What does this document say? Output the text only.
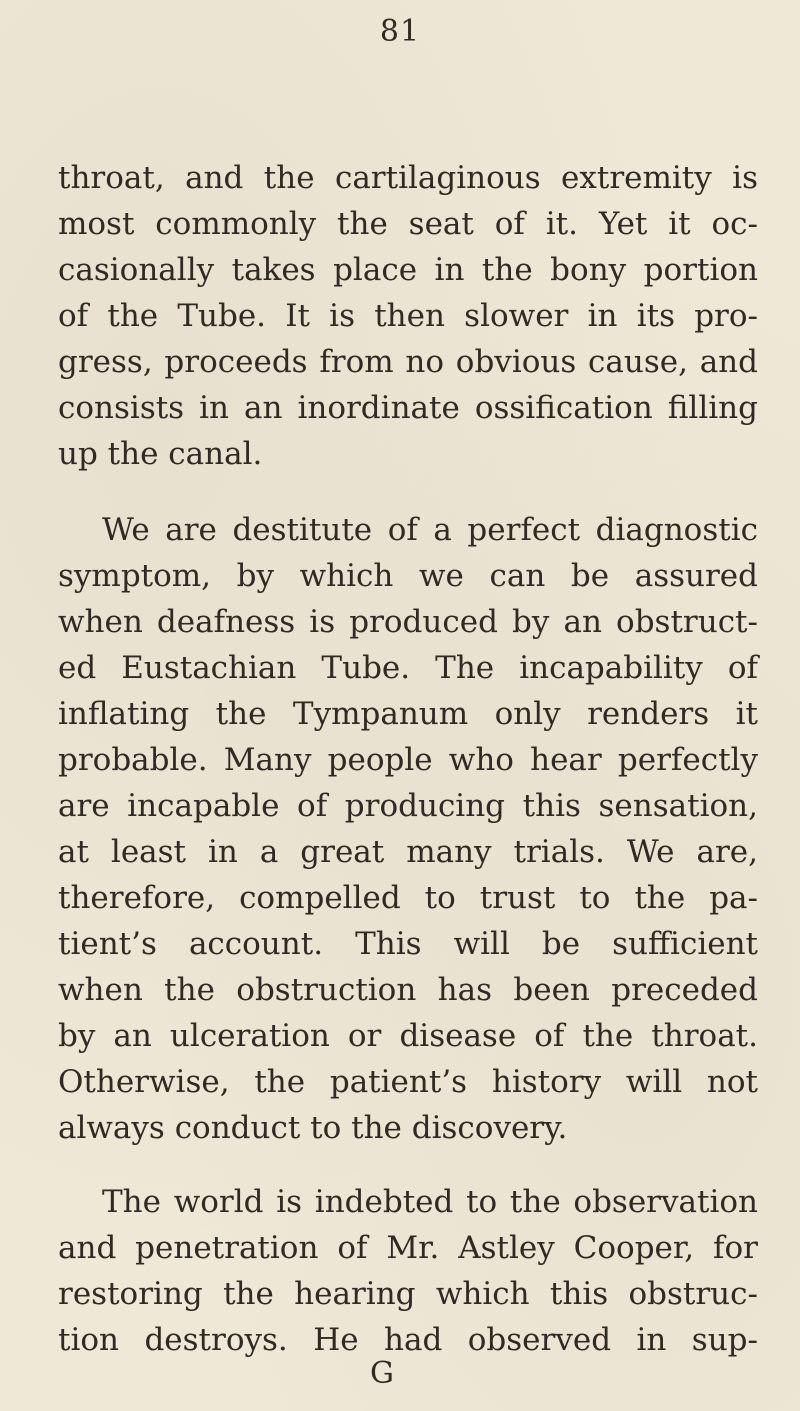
81
throat, and the cartilaginous extremity is
most commonly the seat of it. Yet it oc-
casionally takes place in the bony portion
of the Tube. It is then slower in its pro-
gress, proceeds from no obvious cause, and
consists in an inordinate ossification filling
up the canal.
We are destitute of a perfect diagnostic
symptom, by which we can be assured
when deafness is produced by an obstruct-
ed Eustachian Tube. The incapability of
inflating the Tympanum only renders it
probable. Many people who hear perfectly
are incapable of producing this sensation,
at least in a great many trials. We are,
therefore, compelled to trust to the pa-
tient’s account. This will be sufficient
when the obstruction has been preceded
by an ulceration or disease of the throat.
Otherwise, the patient’s history will not
always conduct to the discovery.
The world is indebted to the observation
and penetration of Mr. Astley Cooper, for
restoring the hearing which this obstruc-
tion destroys. He had observed in sup-
G
